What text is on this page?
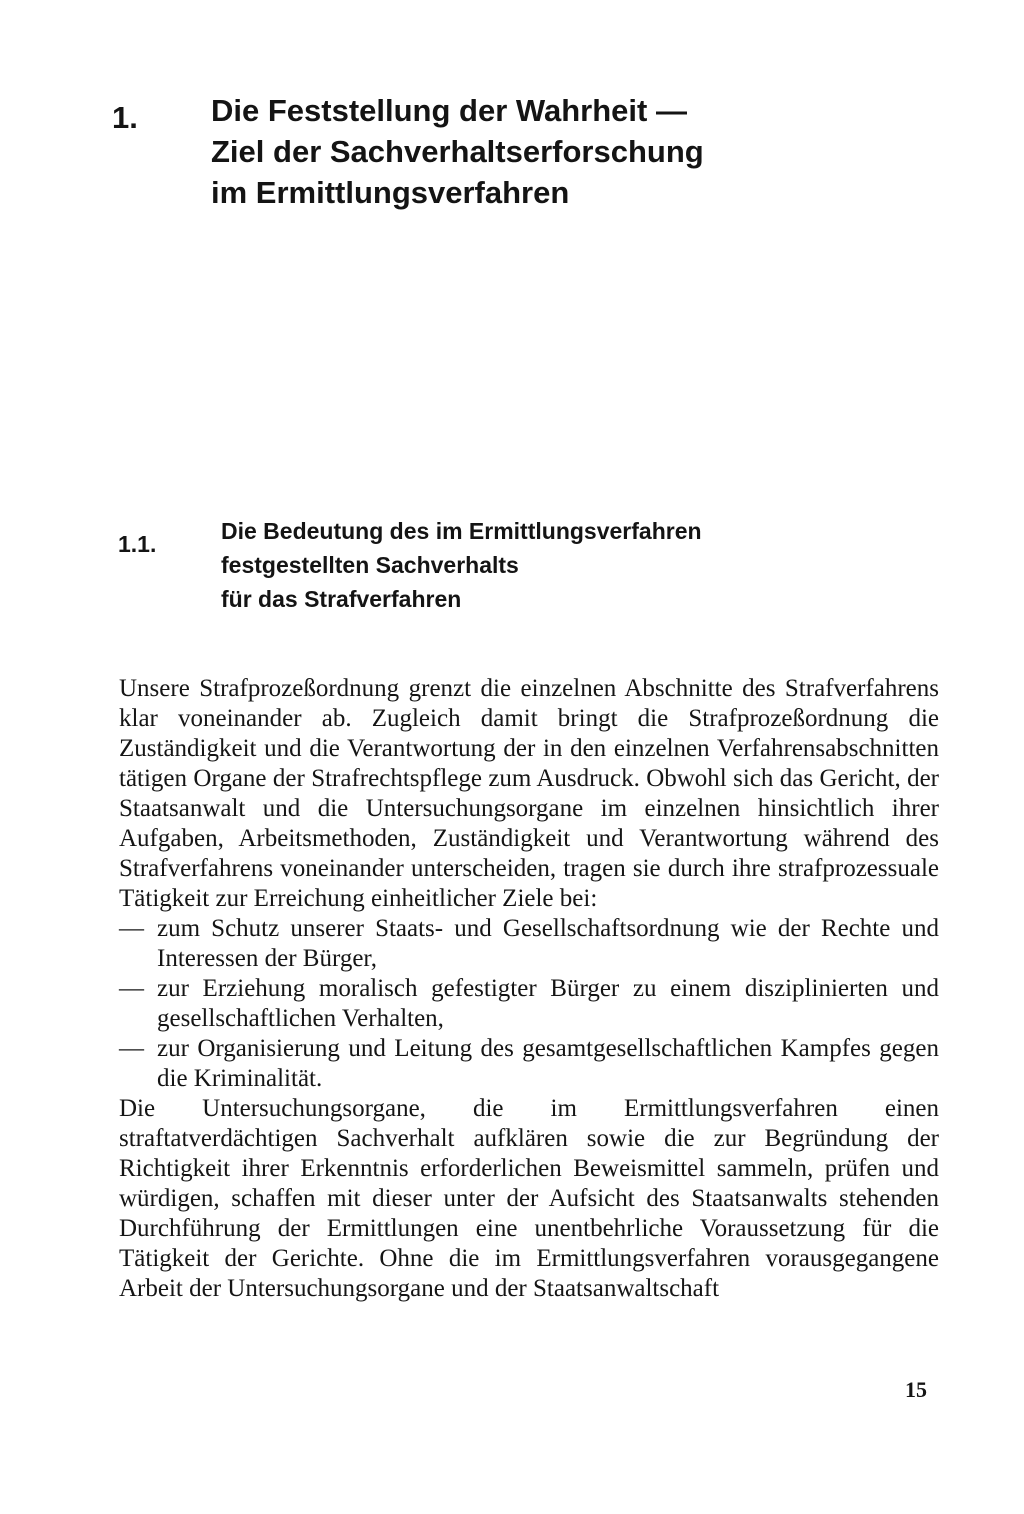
1. Die Feststellung der Wahrheit —
Ziel der Sachverhaltserforschung
im Ermittlungsverfahren
1.1.	Die Bedeutung des im Ermittlungsverfahren
festgestellten Sachverhalts
für das Strafverfahren

Unsere Strafprozeßordnung grenzt die einzelnen Abschnitte des Strafverfahrens klar voneinander ab. Zugleich damit bringt die Strafprozeßordnung die Zuständigkeit und die Verantwortung der in den einzelnen Verfahrensabschnitten tätigen Organe der Strafrechtspflege zum Ausdruck. Obwohl sich das Gericht, der Staatsanwalt und die Untersuchungsorgane im einzelnen hinsichtlich ihrer Aufgaben, Arbeitsmethoden, Zuständigkeit und Verantwortung während des Strafverfahrens voneinander unterscheiden, tragen sie durch ihre strafprozessuale Tätigkeit zur Erreichung einheitlicher Ziele bei:

— zum Schutz unserer Staats- und Gesellschaftsordnung wie der Rechte und Interessen der Bürger,
— zur Erziehung moralisch gefestigter Bürger zu einem disziplinierten und gesellschaftlichen Verhalten,
— zur Organisierung und Leitung des gesamtgesellschaftlichen Kampfes gegen die Kriminalität.

Die Untersuchungsorgane, die im Ermittlungsverfahren einen straftatverdächtigen Sachverhalt aufklären sowie die zur Begründung der Richtigkeit ihrer Erkenntnis erforderlichen Beweismittel sammeln, prüfen und würdigen, schaffen mit dieser unter der Aufsicht des Staatsanwalts stehenden Durchführung der Ermittlungen eine unentbehrliche Voraussetzung für die Tätigkeit der Gerichte. Ohne die im Ermittlungsverfahren vorausgegangene Arbeit der Untersuchungsorgane und der Staatsanwaltschaft

15
